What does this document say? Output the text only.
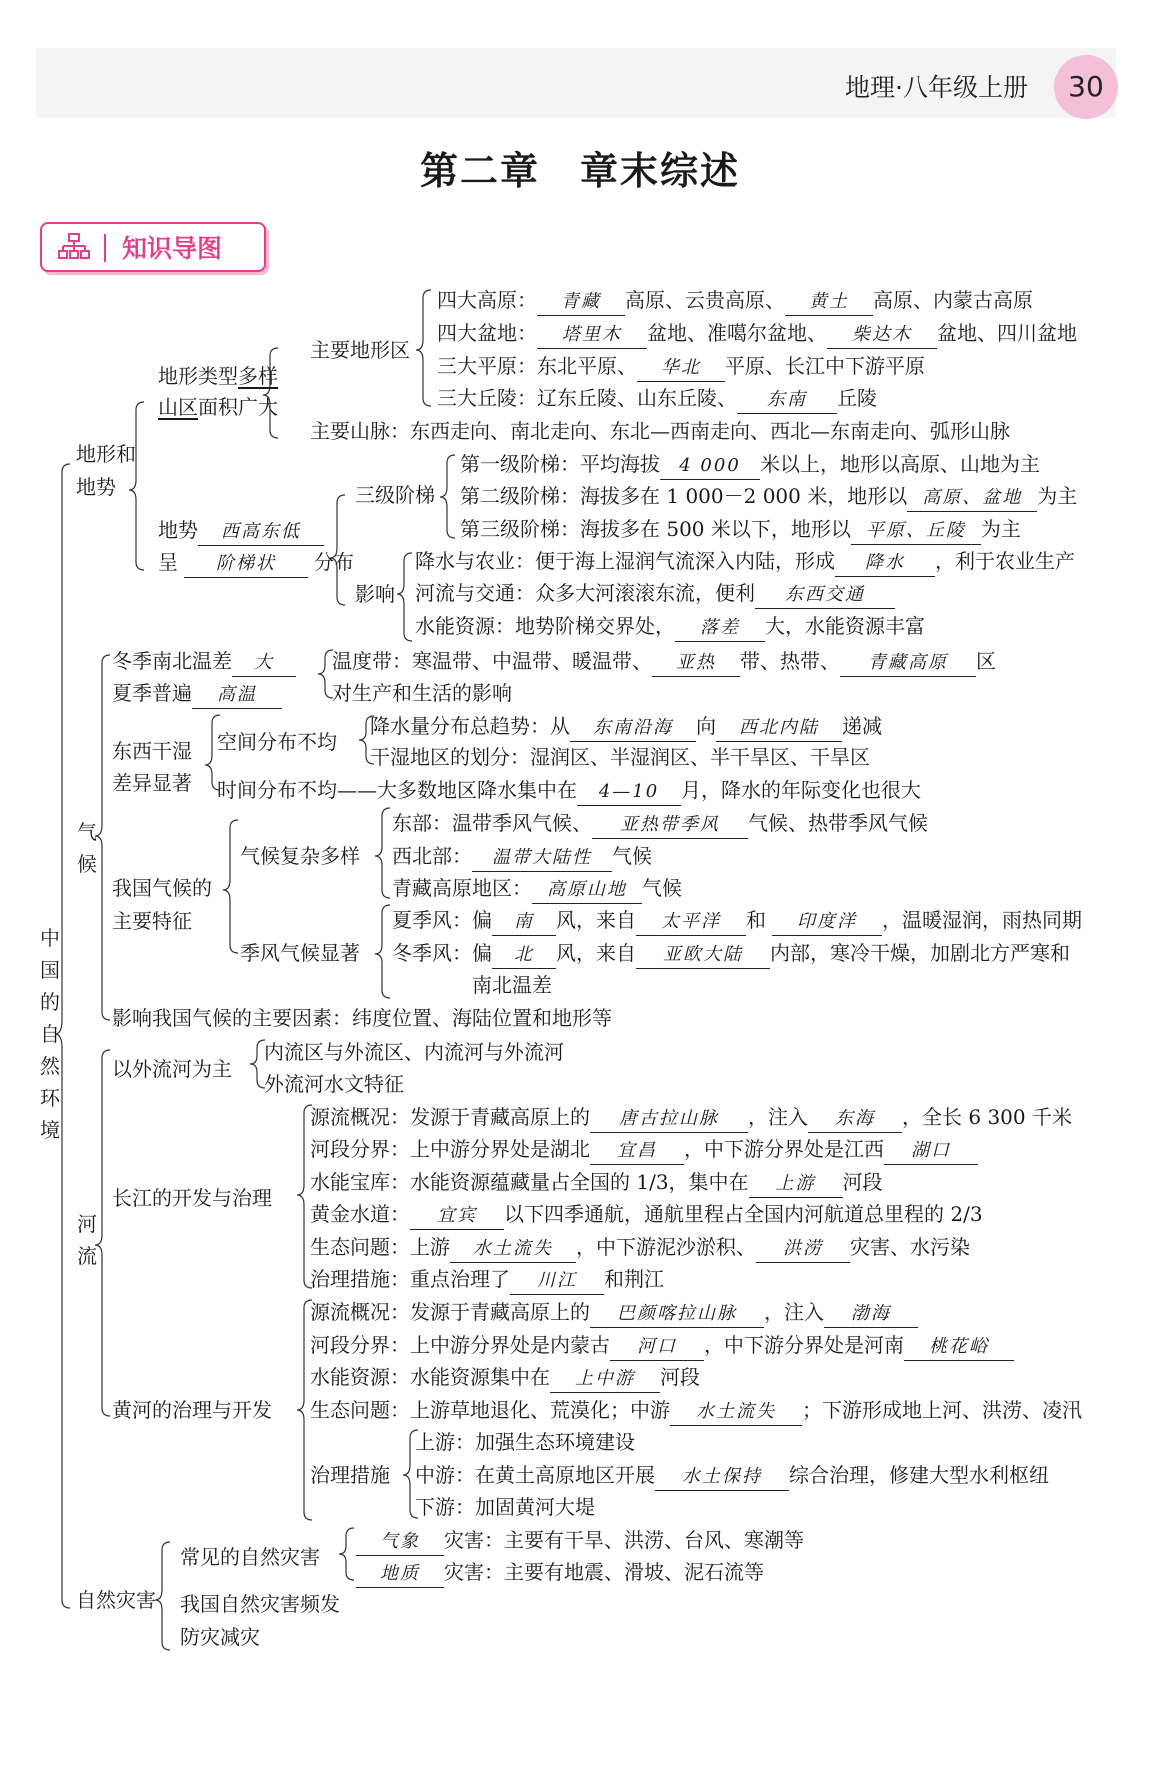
地理·八年级上册	30
第二章　章末综述
知识导图
中国的自然环境
地形和
地势
地形类型多样
山区面积广大
主要地形区
四大高原： 青藏 高原、云贵高原、 黄土 高原、内蒙古高原
四大盆地： 塔里木 盆地、准噶尔盆地、 柴达木 盆地、四川盆地
三大平原：东北平原、 华北 平原、长江中下游平原
三大丘陵：辽东丘陵、山东丘陵、 东南 丘陵
主要山脉：东西走向、南北走向、东北—西南走向、西北—东南走向、弧形山脉
三级阶梯
第一级阶梯：平均海拔 4 000 米以上，地形以高原、山地为主
第二级阶梯：海拔多在 1 000－2 000 米，地形以 高原、盆地 为主
第三级阶梯：海拔多在 500 米以下，地形以 平原、丘陵 为主
地势 西高东低
呈 阶梯状 分布
影响
降水与农业：便于海上湿润气流深入内陆，形成 降水 ，利于农业生产
河流与交通：众多大河滚滚东流，便利 东西交通
水能资源：地势阶梯交界处， 落差 大，水能资源丰富
气候
冬季南北温差 大
夏季普遍 高温
温度带：寒温带、中温带、暖温带、 亚热 带、热带、 青藏高原 区
对生产和生活的影响
东西干湿
差异显著
空间分布不均
降水量分布总趋势：从 东南沿海 向 西北内陆 递减
干湿地区的划分：湿润区、半湿润区、半干旱区、干旱区
时间分布不均——大多数地区降水集中在 4—10 月，降水的年际变化也很大
我国气候的
主要特征
气候复杂多样
东部：温带季风气候、 亚热带季风 气候、热带季风气候
西北部： 温带大陆性 气候
青藏高原地区： 高原山地 气候
季风气候显著
夏季风：偏 南 风，来自 太平洋 和 印度洋 ，温暖湿润，雨热同期
冬季风：偏 北 风，来自 亚欧大陆 内部，寒冷干燥，加剧北方严寒和
南北温差
影响我国气候的主要因素：纬度位置、海陆位置和地形等
河流
以外流河为主
内流区与外流区、内流河与外流河
外流河水文特征
长江的开发与治理
源流概况：发源于青藏高原上的 唐古拉山脉 ，注入 东海 ，全长 6 300 千米
河段分界：上中游分界处是湖北 宜昌 ，中下游分界处是江西 湖口
水能宝库：水能资源蕴藏量占全国的 1/3，集中在 上游 河段
黄金水道： 宜宾 以下四季通航，通航里程占全国内河航道总里程的 2/3
生态问题：上游 水土流失 ，中下游泥沙淤积、 洪涝 灾害、水污染
治理措施：重点治理了 川江 和荆江
黄河的治理与开发
源流概况：发源于青藏高原上的 巴颜喀拉山脉 ，注入 渤海
河段分界：上中游分界处是内蒙古 河口 ，中下游分界处是河南 桃花峪
水能资源：水能资源集中在 上中游 河段
生态问题：上游草地退化、荒漠化；中游 水土流失 ；下游形成地上河、洪涝、凌汛
治理措施
上游：加强生态环境建设
中游：在黄土高原地区开展 水土保持 综合治理，修建大型水利枢纽
下游：加固黄河大堤
自然灾害
常见的自然灾害
气象 灾害：主要有干旱、洪涝、台风、寒潮等
地质 灾害：主要有地震、滑坡、泥石流等
我国自然灾害频发
防灾减灾
